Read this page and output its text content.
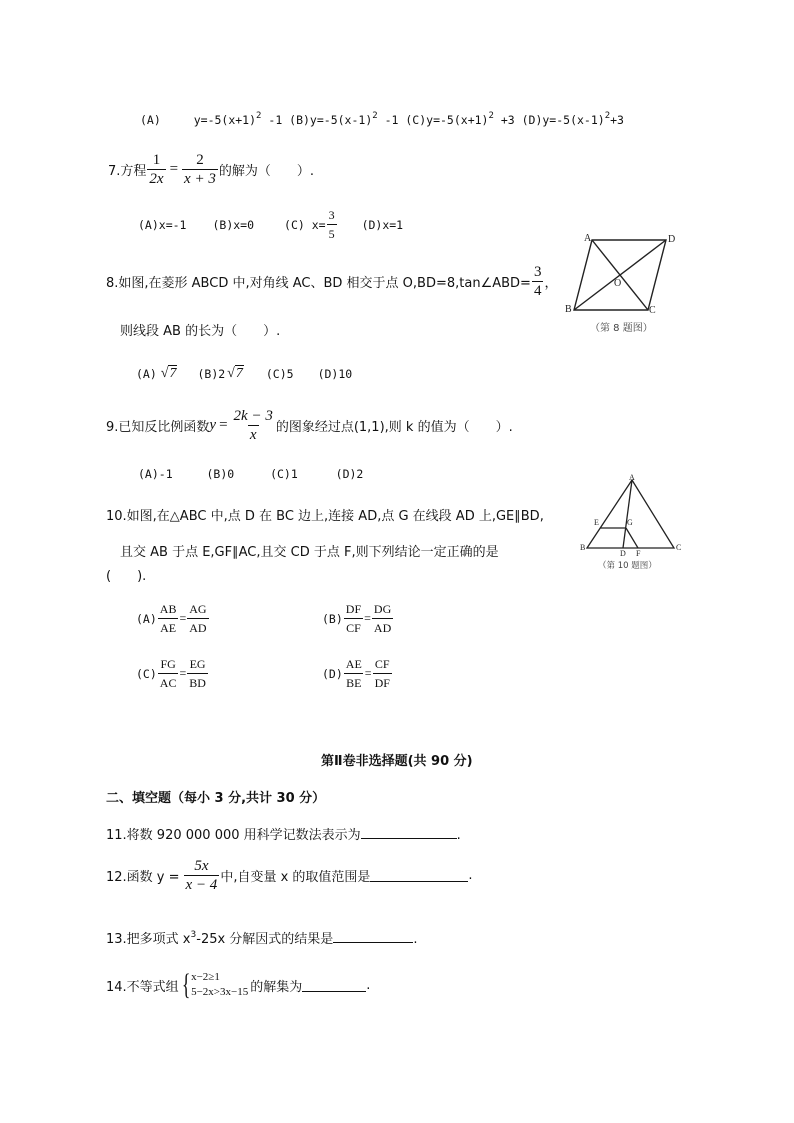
(A)	$y=-5(x+1)^2$ -1 $(B)y=-5(x-1)^2$ -1 $(C)y=-5(x+1)^2 +3$ $(D)y=-5(x-1)^2+3$
7.方程 $\frac{1}{2x} = \frac{2}{x + 3}$ 的解为（　　）.
(A)x=-1 (B)x=0	(C) $x= \frac{3}{5} (D)x=1$
8.如图,在菱形 ABCD 中,对角线 AC、BD 相交于点 O,BD=8,tan∠ABD= $\frac{3}{4}$ ，
则线段 AB 的长为（　　）.
(A) √7 (B)2 √7 (C)5 (D)10
A	D
B	C
O
（第 8 题图）
9.已知反比例函数 $y = \frac{2k - 3}{x}$ 的图象经过点(1,1),则 k 的值为（　　）.
(A)-1	(B)0	(C)1	(D)2
10.如图,在△ABC 中,点 D 在 BC 边上,连接 AD,点 G 在线段 AD 上,GE∥BD,
且交 AB 于点 E,GF∥AC,且交 CD 于点 F,则下列结论一定正确的是
(　　).
A
B	C
D
E
F
G
（第 10 题图）
$(A) \frac{AB}{AE} = \frac{AG}{AD}$	$(B) \frac{DF}{CF} = \frac{DG}{AD}$
$(C) \frac{FG}{AC} = \frac{EG}{BD}$	$(D) \frac{AE}{BE} = \frac{CF}{DF}$
第Ⅱ卷非选择题(共 90 分)
二、填空题（每小 3 分,共计 30 分）
11.将数 920 000 000 用科学记数法表示为	.
12.函数 $y = \frac{5x}{x - 4}$ 中,自变量 x 的取值范围是	.
13.把多项式 $x^3-25x$ 分解因式的结果是	.
14.不等式组 { x−2≥1
5−2x>3x−15 的解集为	.
